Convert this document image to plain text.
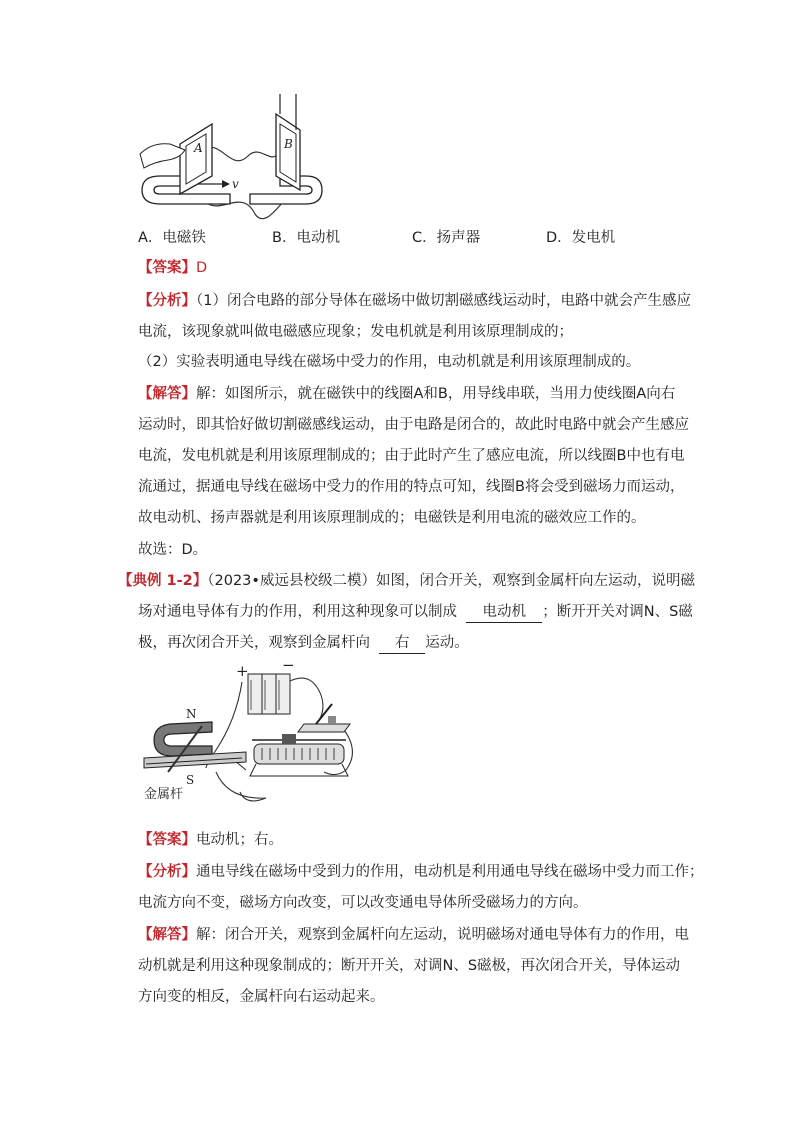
A
v
B
A．电磁铁	B．电动机	C．扬声器	D．发电机
【答案】D
【分析】（1）闭合电路的部分导体在磁场中做切割磁感线运动时，电路中就会产生感应
电流，该现象就叫做电磁感应现象；发电机就是利用该原理制成的；
（2）实验表明通电导线在磁场中受力的作用，电动机就是利用该原理制成的。
【解答】解：如图所示，就在磁铁中的线圈A和B，用导线串联，当用力使线圈A向右
运动时，即其恰好做切割磁感线运动，由于电路是闭合的，故此时电路中就会产生感应
电流，发电机就是利用该原理制成的；由于此时产生了感应电流，所以线圈B中也有电
流通过，据通电导线在磁场中受力的作用的特点可知，线圈B将会受到磁场力而运动，
故电动机、扬声器就是利用该原理制成的；电磁铁是利用电流的磁效应工作的。
故选：D。
【典例 1-2】（2023•威远县校级二模）如图，闭合开关，观察到金属杆向左运动，说明磁
场对通电导体有力的作用，利用这种现象可以制成 电动机 ；断开开关对调N、S磁
极，再次闭合开关，观察到金属杆向 右 运动。
+ −
N
S
金属杆
【答案】电动机；右。
【分析】通电导线在磁场中受到力的作用，电动机是利用通电导线在磁场中受力而工作；
电流方向不变，磁场方向改变，可以改变通电导体所受磁场力的方向。
【解答】解：闭合开关，观察到金属杆向左运动，说明磁场对通电导体有力的作用，电
动机就是利用这种现象制成的；断开开关，对调N、S磁极，再次闭合开关，导体运动
方向变的相反，金属杆向右运动起来。
